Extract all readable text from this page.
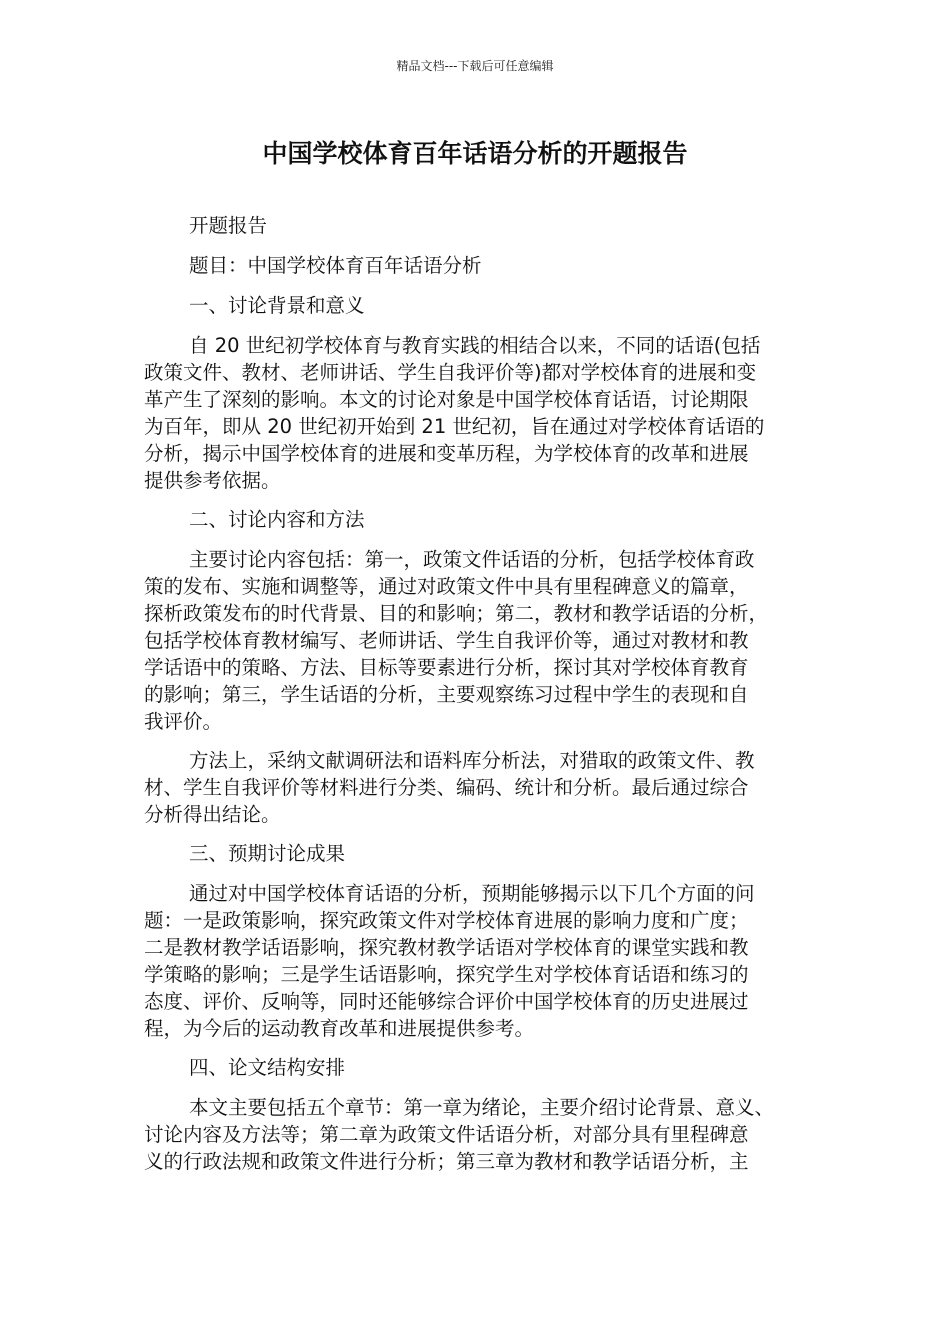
精品文档---下载后可任意编辑
中国学校体育百年话语分析的开题报告

开题报告

题目：中国学校体育百年话语分析

一、讨论背景和意义

自 20 世纪初学校体育与教育实践的相结合以来，不同的话语(包括
政策文件、教材、老师讲话、学生自我评价等)都对学校体育的进展和变
革产生了深刻的影响。本文的讨论对象是中国学校体育话语，讨论期限
为百年，即从 20 世纪初开始到 21 世纪初，旨在通过对学校体育话语的
分析，揭示中国学校体育的进展和变革历程，为学校体育的改革和进展
提供参考依据。

二、讨论内容和方法

主要讨论内容包括：第一，政策文件话语的分析，包括学校体育政
策的发布、实施和调整等，通过对政策文件中具有里程碑意义的篇章，
探析政策发布的时代背景、目的和影响；第二，教材和教学话语的分析，
包括学校体育教材编写、老师讲话、学生自我评价等，通过对教材和教
学话语中的策略、方法、目标等要素进行分析，探讨其对学校体育教育
的影响；第三，学生话语的分析，主要观察练习过程中学生的表现和自
我评价。

方法上，采纳文献调研法和语料库分析法，对猎取的政策文件、教
材、学生自我评价等材料进行分类、编码、统计和分析。最后通过综合
分析得出结论。

三、预期讨论成果

通过对中国学校体育话语的分析，预期能够揭示以下几个方面的问
题：一是政策影响，探究政策文件对学校体育进展的影响力度和广度；
二是教材教学话语影响，探究教材教学话语对学校体育的课堂实践和教
学策略的影响；三是学生话语影响，探究学生对学校体育话语和练习的
态度、评价、反响等，同时还能够综合评价中国学校体育的历史进展过
程，为今后的运动教育改革和进展提供参考。

四、论文结构安排

本文主要包括五个章节：第一章为绪论，主要介绍讨论背景、意义、
讨论内容及方法等；第二章为政策文件话语分析，对部分具有里程碑意
义的行政法规和政策文件进行分析；第三章为教材和教学话语分析，主
